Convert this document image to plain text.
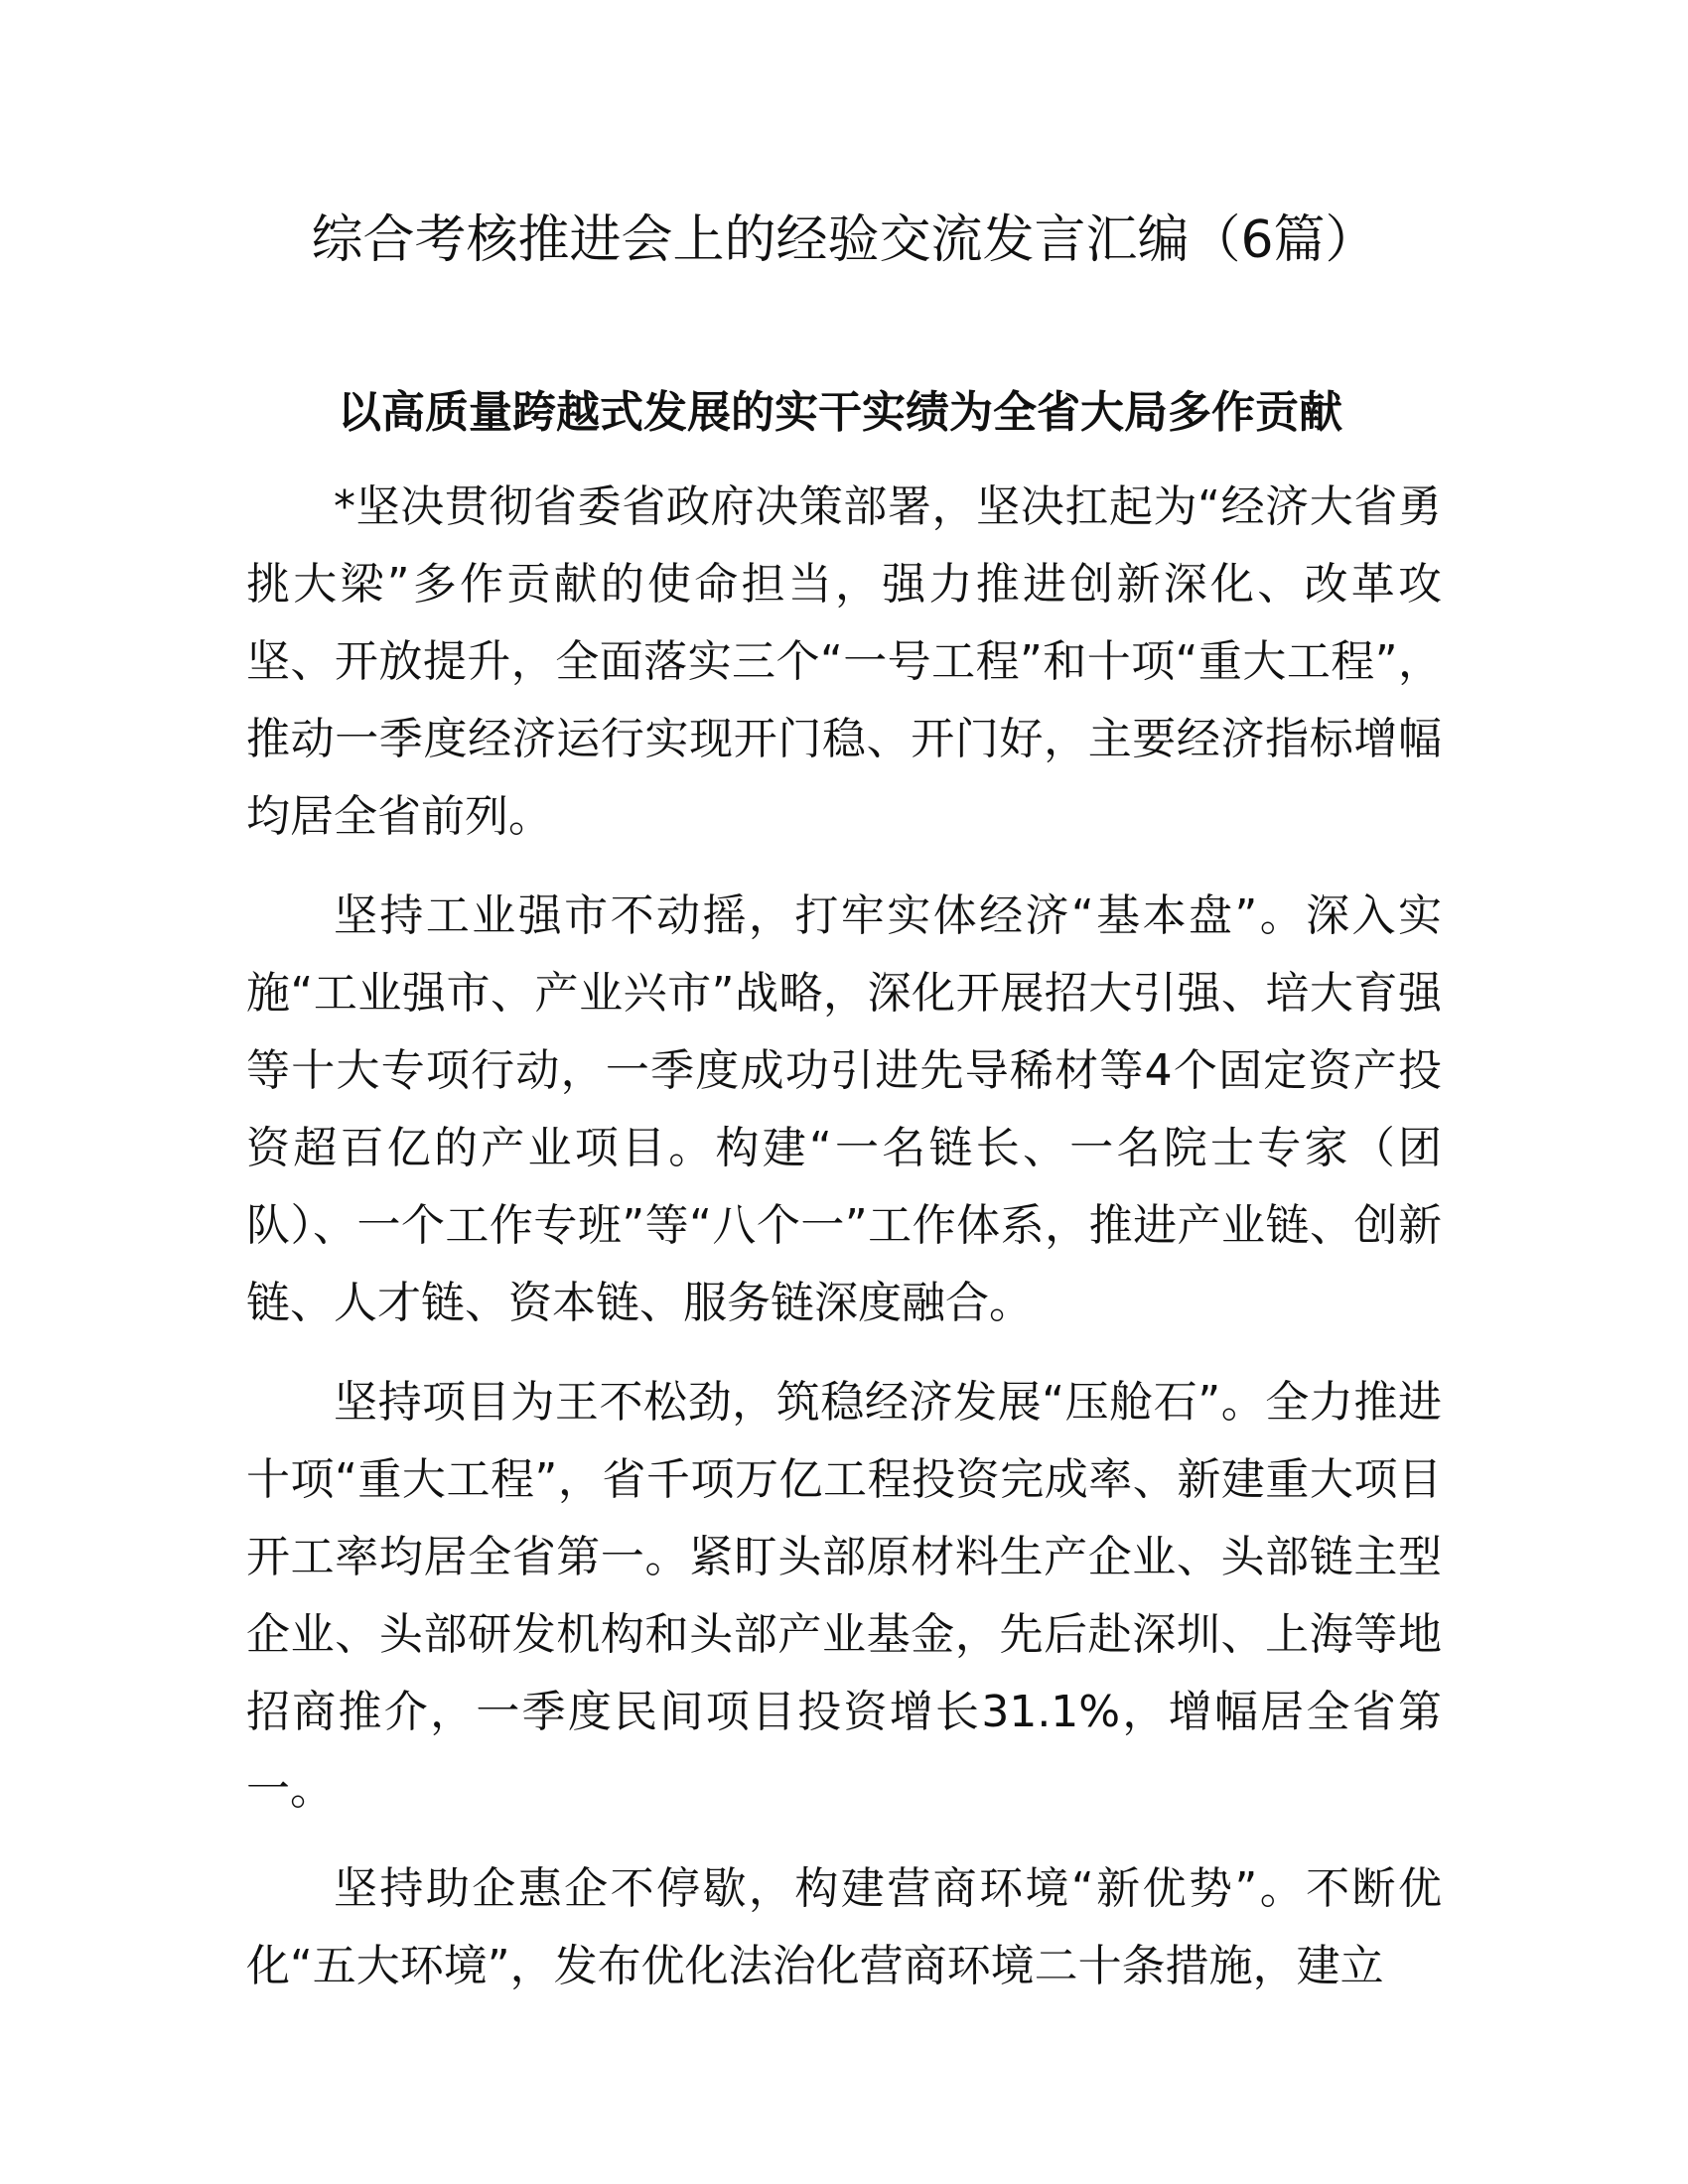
综合考核推进会上的经验交流发言汇编（6篇）
以高质量跨越式发展的实干实绩为全省大局多作贡献

*坚决贯彻省委省政府决策部署，坚决扛起为“经济大省勇挑大梁”多作贡献的使命担当，强力推进创新深化、改革攻坚、开放提升，全面落实三个“一号工程”和十项“重大工程”，推动一季度经济运行实现开门稳、开门好，主要经济指标增幅均居全省前列。

坚持工业强市不动摇，打牢实体经济“基本盘”。深入实施“工业强市、产业兴市”战略，深化开展招大引强、培大育强等十大专项行动，一季度成功引进先导稀材等4个固定资产投资超百亿的产业项目。构建“一名链长、一名院士专家（团队）、一个工作专班”等“八个一”工作体系，推进产业链、创新链、人才链、资本链、服务链深度融合。

坚持项目为王不松劲，筑稳经济发展“压舱石”。全力推进十项“重大工程”，省千项万亿工程投资完成率、新建重大项目开工率均居全省第一。紧盯头部原材料生产企业、头部链主型企业、头部研发机构和头部产业基金，先后赴深圳、上海等地招商推介，一季度民间项目投资增长31.1%，增幅居全省第一。

坚持助企惠企不停歇，构建营商环境“新优势”。不断优化“五大环境”，发布优化法治化营商环境二十条措施，建立
